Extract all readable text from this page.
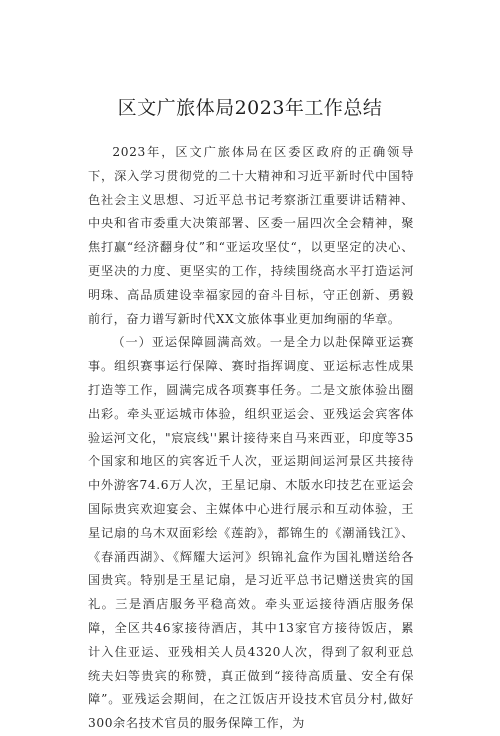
区文广旅体局2023年工作总结

2023年，区文广旅体局在区委区政府的正确领导下，深入学习贯彻党的二十大精神和习近平新时代中国特色社会主义思想、习近平总书记考察浙江重要讲话精神、中央和省市委重大决策部署、区委一届四次全会精神，聚焦打赢“经济翻身仗”和“亚运攻坚仗“，以更坚定的决心、更坚决的力度、更坚实的工作，持续围绕高水平打造运河明珠、高品质建设幸福家园的奋斗目标，守正创新、勇毅前行，奋力谱写新时代XX文旅体事业更加绚丽的华章。

（一）亚运保障圆满高效。一是全力以赴保障亚运赛事。组织赛事运行保障、赛时指挥调度、亚运标志性成果打造等工作，圆满完成各项赛事任务。二是文旅体验出圈出彩。牵头亚运城市体验，组织亚运会、亚残运会宾客体验运河文化，"宸宸线''累计接待来自马来西亚，印度等35个国家和地区的宾客近千人次，亚运期间运河景区共接待中外游客74.6万人次，王星记扇、木版水印技艺在亚运会国际贵宾欢迎宴会、主媒体中心进行展示和互动体验，王星记扇的乌木双面彩绘《莲韵》，都锦生的《潮涌钱江》、《春涌西湖》、《辉耀大运河》织锦礼盒作为国礼赠送给各国贵宾。特别是王星记扇，是习近平总书记赠送贵宾的国礼。三是酒店服务平稳高效。牵头亚运接待酒店服务保障，全区共46家接待酒店，其中13家官方接待饭店，累计入住亚运、亚残相关人员4320人次，得到了叙利亚总统夫妇等贵宾的称赞，真正做到“接待高质量、安全有保障”。亚残运会期间，在之江饭店开设技术官员分村,做好300余名技术官员的服务保障工作，为
